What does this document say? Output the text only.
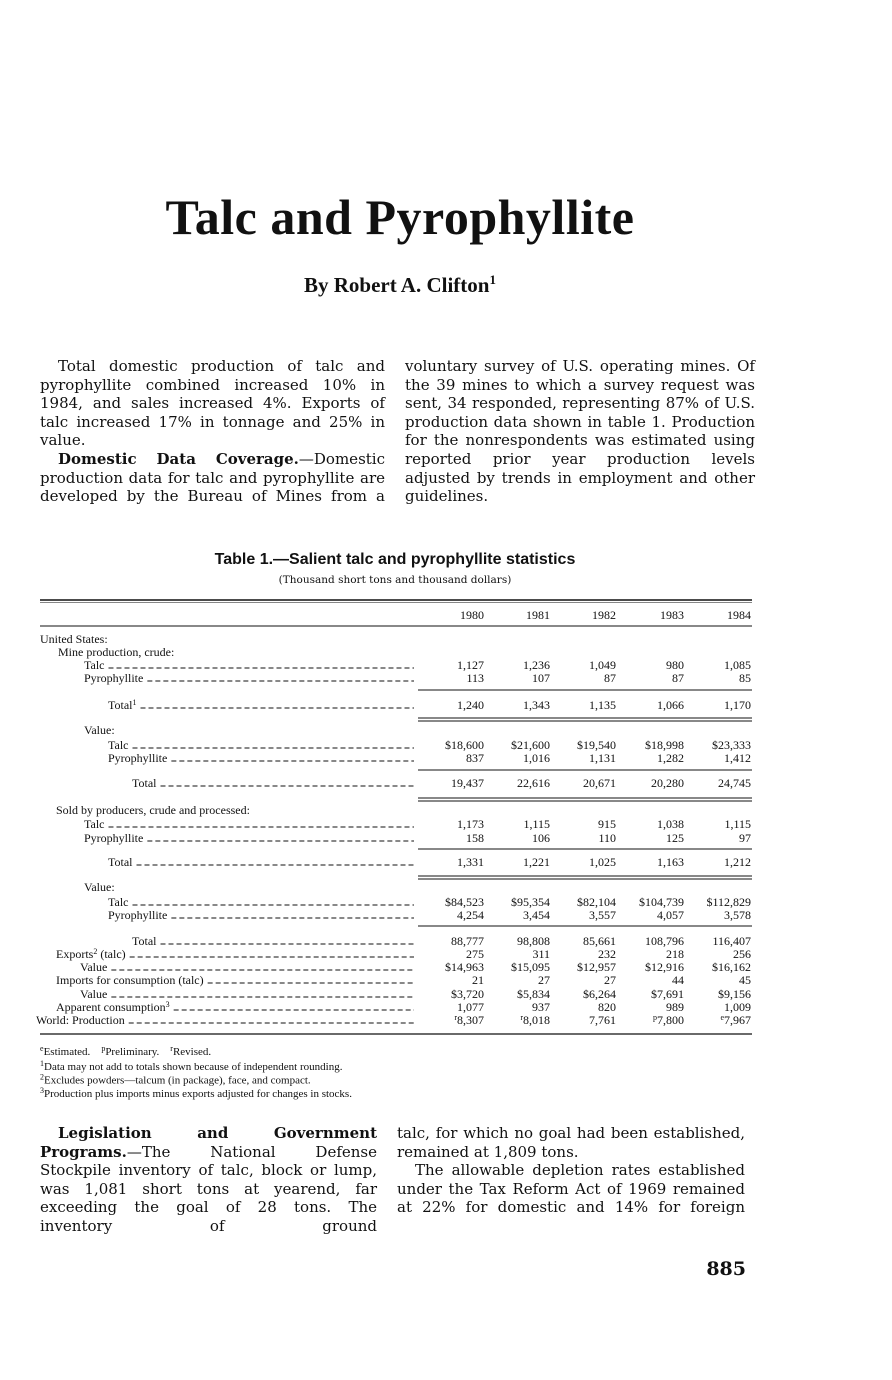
Talc and Pyrophyllite
By Robert A. Clifton$^1$

Total domestic production of talc and pyrophyllite combined increased 10% in 1984, and sales increased 4%. Exports of talc increased 17% in tonnage and 25% in value.

Domestic Data Coverage.—Domestic production data for talc and pyrophyllite are developed by the Bureau of Mines from a

voluntary survey of U.S. operating mines. Of the 39 mines to which a survey request was sent, 34 responded, representing 87% of U.S. production data shown in table 1. Production for the nonrespondents was estimated using reported prior year production levels adjusted by trends in employment and other guidelines.

Table 1.—Salient talc and pyrophyllite statistics
(Thousand short tons and thousand dollars)
1980	1981	1982	1983	1984
United States:
Mine production, crude:
Talc	1,127	1,236	1,049	980	1,085
Pyrophyllite	113	107	87	87	85
Total$^1$	1,240	1,343	1,135	1,066	1,170
Value:
Talc	$18,600 $21,600 $19,540 $18,998 $23,333
Pyrophyllite	837	1,016	1,131	1,282	1,412
Total	19,437	22,616	20,671	20,280	24,745
Sold by producers, crude and processed:
Talc	1,173	1,115	915	1,038	1,115
Pyrophyllite	158	106	110	125	97
Total	1,331	1,221	1,025	1,163	1,212
Value:
Talc	$84,523 $95,354 $82,104 $104,739 $112,829
Pyrophyllite	4,254	3,454	3,557	4,057	3,578
Total	88,777	98,808	85,661 108,796 116,407
Exports$^2$ (talc)	275	311	232	218	256
Value	$14,963 $15,095 $12,957 $12,916 $16,162
Imports for consumption (talc)	21	27	27	44	45
Value	$3,720	$5,834	$6,264	$7,691	$9,156
Apparent consumption$^3$	1,077	937	820	989	1,009
World: Production	$^r$8,307	$^r$8,018	7,761	$^p$7,800	$^e$7,967
$^e$Estimated. $^p$Preliminary. $^r$Revised.
$^1$Data may not add to totals shown because of independent rounding.
$^2$Excludes powders—talcum (in package), face, and compact.
$^3$Production plus imports minus exports adjusted for changes in stocks.

Legislation and Government Programs.—The National Defense Stockpile inventory of talc, block or lump, was 1,081 short tons at yearend, far exceeding the goal of 28 tons. The inventory of ground

talc, for which no goal had been established, remained at 1,809 tons.

The allowable depletion rates established under the Tax Reform Act of 1969 remained at 22% for domestic and 14% for foreign

885
